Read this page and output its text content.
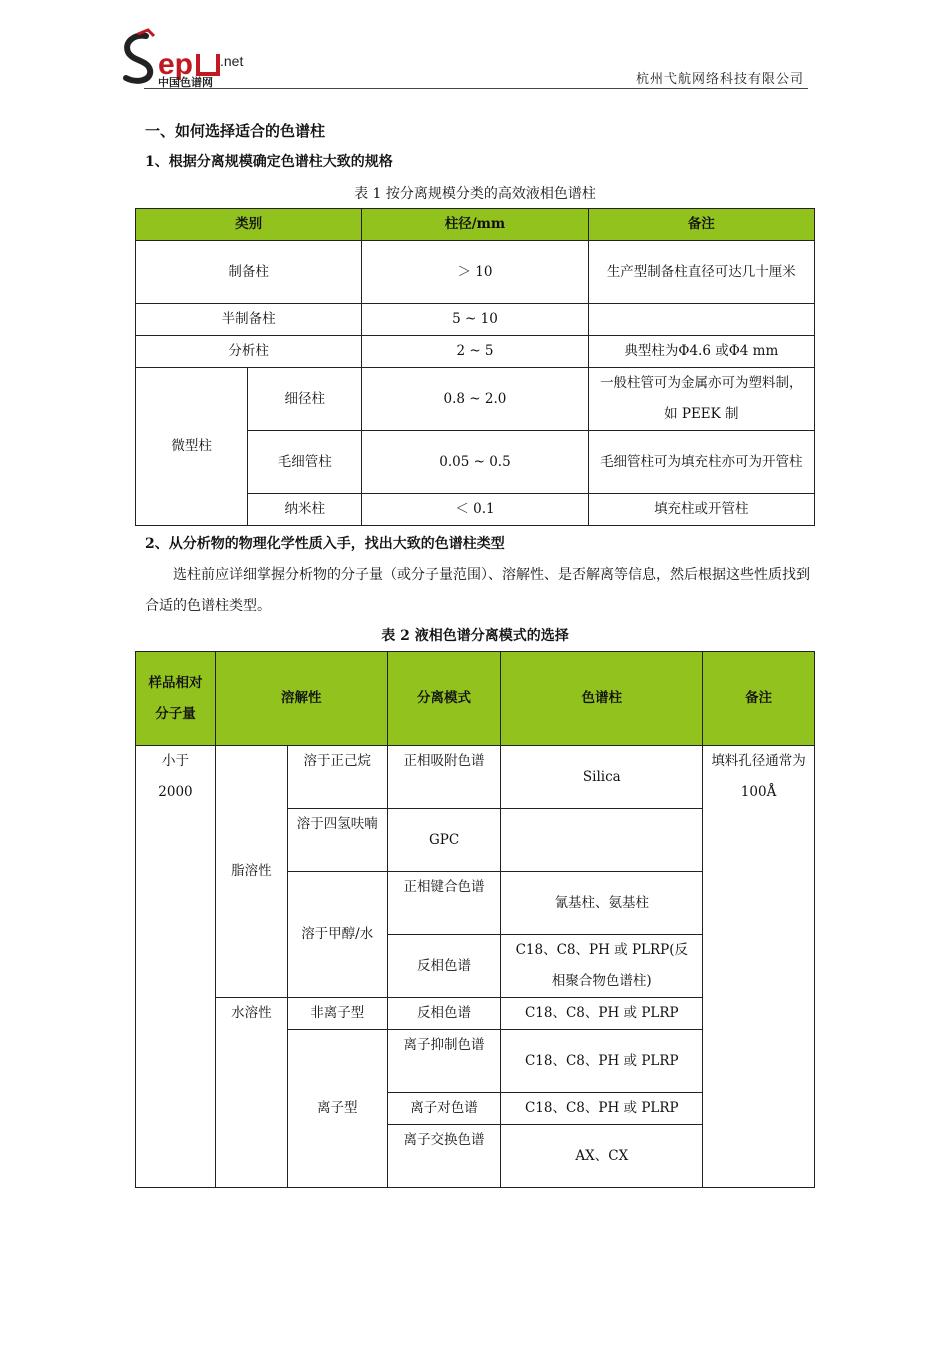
ep .net
中国色谱网	杭州弋航网络科技有限公司
一、如何选择适合的色谱柱
1、根据分离规模确定色谱柱大致的规格
表 1 按分离规模分类的高效液相色谱柱
类别		柱径/mm	备注
制备柱		＞ 10	生产型制备柱直径可达几十厘米
半制备柱		5 ~ 10	
分析柱		2 ~ 5	典型柱为Φ4.6 或Φ4 mm
微型柱	细径柱	0.8 ~ 2.0	一般柱管可为金属亦可为塑料制，如 PEEK 制
	毛细管柱	0.05 ~ 0.5	毛细管柱可为填充柱亦可为开管柱
	纳米柱	＜ 0.1	填充柱或开管柱
2、从分析物的物理化学性质入手，找出大致的色谱柱类型
选柱前应详细掌握分析物的分子量（或分子量范围）、溶解性、是否解离等信息，然后根据这些性质找到合适的色谱柱类型。
表 2 液相色谱分离模式的选择
样品相对分子量	溶解性		分离模式	色谱柱	备注
小于 2000	脂溶性	溶于正己烷	正相吸附色谱	Silica	填料孔径通常为 100Å
		溶于四氢呋喃	GPC		
		溶于甲醇/水	正相键合色谱	氰基柱、氨基柱	
			反相色谱	C18、C8、PH 或 PLRP(反相聚合物色谱柱)	
	水溶性	非离子型	反相色谱	C18、C8、PH 或 PLRP	
		离子型	离子抑制色谱	C18、C8、PH 或 PLRP	
			离子对色谱	C18、C8、PH 或 PLRP	
			离子交换色谱	AX、CX	
